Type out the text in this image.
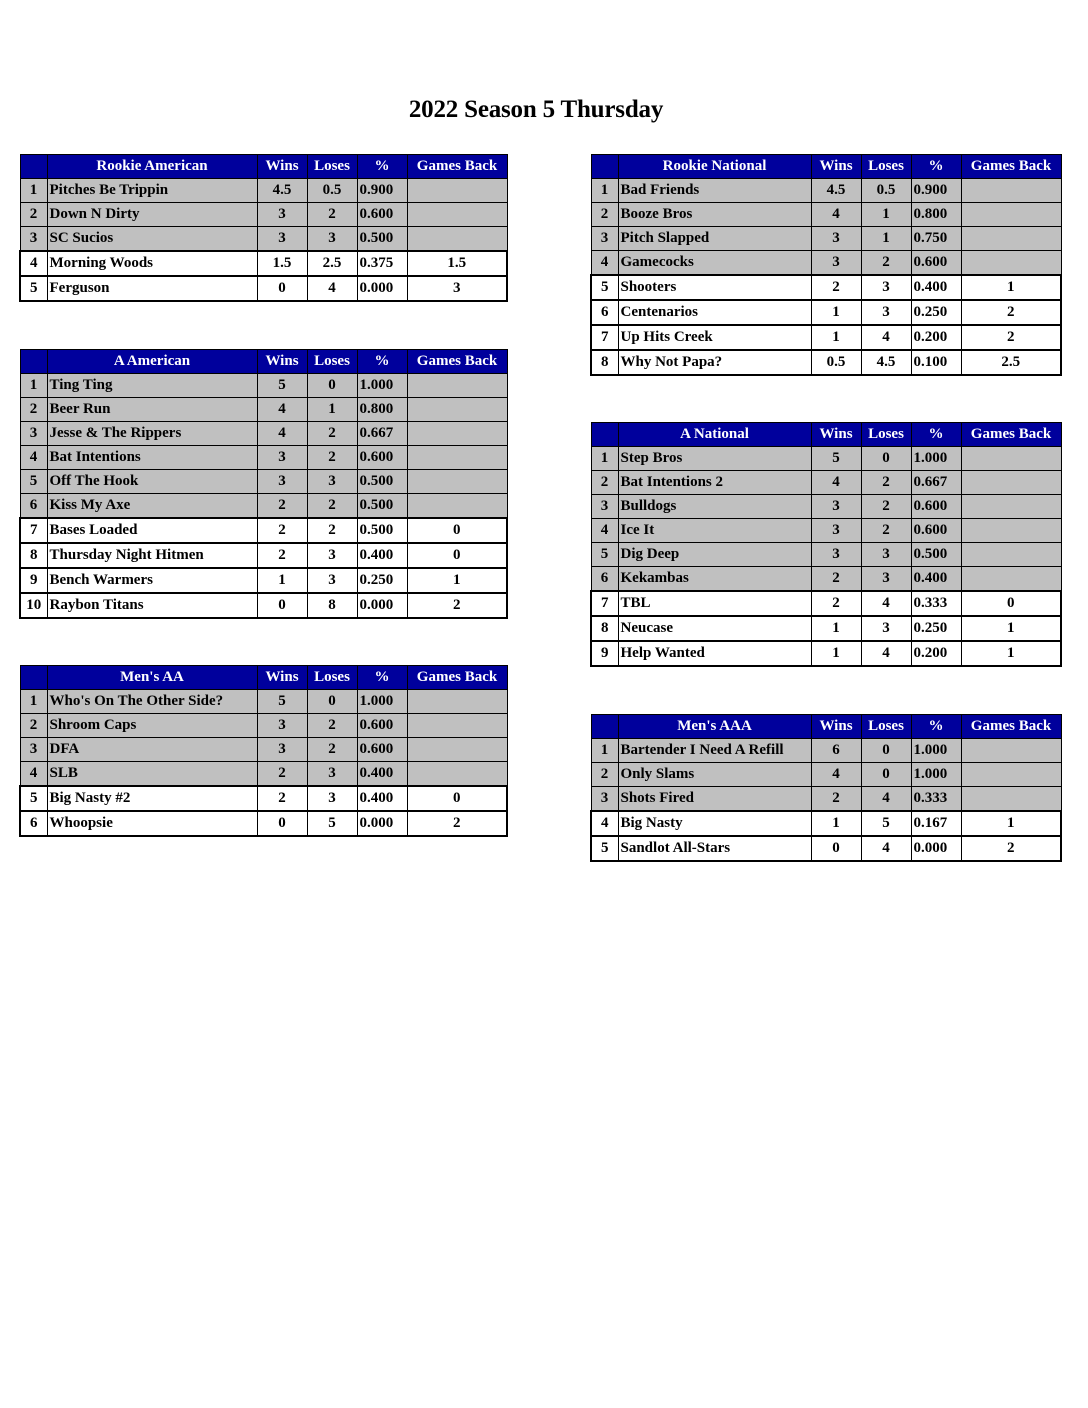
2022 Season 5 Thursday
	Rookie American	Wins	Loses	%	Games Back
1	Pitches Be Trippin	4.5	0.5	0.900	
2	Down N Dirty	3	2	0.600	
3	SC Sucios	3	3	0.500	
4	Morning Woods	1.5	2.5	0.375	1.5
5	Ferguson	0	4	0.000	3
	A American	Wins	Loses	%	Games Back
1	Ting Ting	5	0	1.000	
2	Beer Run	4	1	0.800	
3	Jesse & The Rippers	4	2	0.667	
4	Bat Intentions	3	2	0.600	
5	Off The Hook	3	3	0.500	
6	Kiss My Axe	2	2	0.500	
7	Bases Loaded	2	2	0.500	0
8	Thursday Night Hitmen	2	3	0.400	0
9	Bench Warmers	1	3	0.250	1
10	Raybon Titans	0	8	0.000	2
	Men's AA	Wins	Loses	%	Games Back
1	Who's On The Other Side?	5	0	1.000	
2	Shroom Caps	3	2	0.600	
3	DFA	3	2	0.600	
4	SLB	2	3	0.400	
5	Big Nasty #2	2	3	0.400	0
6	Whoopsie	0	5	0.000	2
	Rookie National	Wins	Loses	%	Games Back
1	Bad Friends	4.5	0.5	0.900	
2	Booze Bros	4	1	0.800	
3	Pitch Slapped	3	1	0.750	
4	Gamecocks	3	2	0.600	
5	Shooters	2	3	0.400	1
6	Centenarios	1	3	0.250	2
7	Up Hits Creek	1	4	0.200	2
8	Why Not Papa?	0.5	4.5	0.100	2.5
	A National	Wins	Loses	%	Games Back
1	Step Bros	5	0	1.000	
2	Bat Intentions 2	4	2	0.667	
3	Bulldogs	3	2	0.600	
4	Ice It	3	2	0.600	
5	Dig Deep	3	3	0.500	
6	Kekambas	2	3	0.400	
7	TBL	2	4	0.333	0
8	Neucase	1	3	0.250	1
9	Help Wanted	1	4	0.200	1
	Men's AAA	Wins	Loses	%	Games Back
1	Bartender I Need A Refill	6	0	1.000	
2	Only Slams	4	0	1.000	
3	Shots Fired	2	4	0.333	
4	Big Nasty	1	5	0.167	1
5	Sandlot All-Stars	0	4	0.000	2
